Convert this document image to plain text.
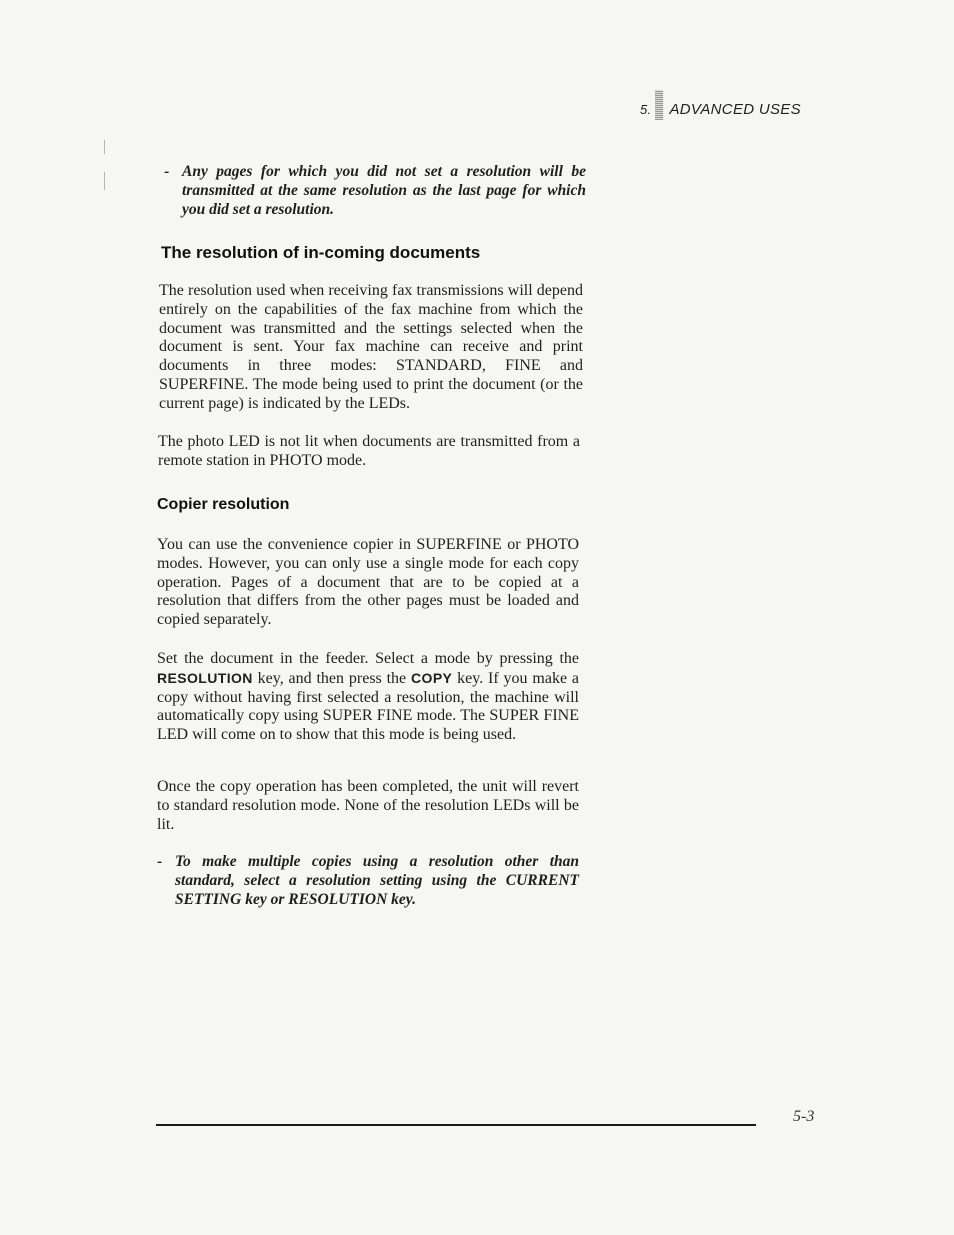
5. ADVANCED USES
- Any pages for which you did not set a resolution will be transmitted at the same resolution as the last page for which you did set a resolution.
The resolution of in-coming documents

The resolution used when receiving fax transmissions will depend entirely on the capabilities of the fax machine from which the document was transmitted and the settings selected when the document is sent. Your fax machine can receive and print documents in three modes: STANDARD, FINE and SUPERFINE. The mode being used to print the document (or the current page) is indicated by the LEDs.

The photo LED is not lit when documents are transmitted from a remote station in PHOTO mode.

Copier resolution

You can use the convenience copier in SUPERFINE or PHOTO modes. However, you can only use a single mode for each copy operation. Pages of a document that are to be copied at a resolution that differs from the other pages must be loaded and copied separately.

Set the document in the feeder. Select a mode by pressing the RESOLUTION key, and then press the COPY key. If you make a copy without having first selected a resolution, the machine will automatically copy using SUPER FINE mode. The SUPER FINE LED will come on to show that this mode is being used.

Once the copy operation has been completed, the unit will revert to standard resolution mode. None of the resolution LEDs will be lit.

- To make multiple copies using a resolution other than standard, select a resolution setting using the CURRENT SETTING key or RESOLUTION key.
5-3
